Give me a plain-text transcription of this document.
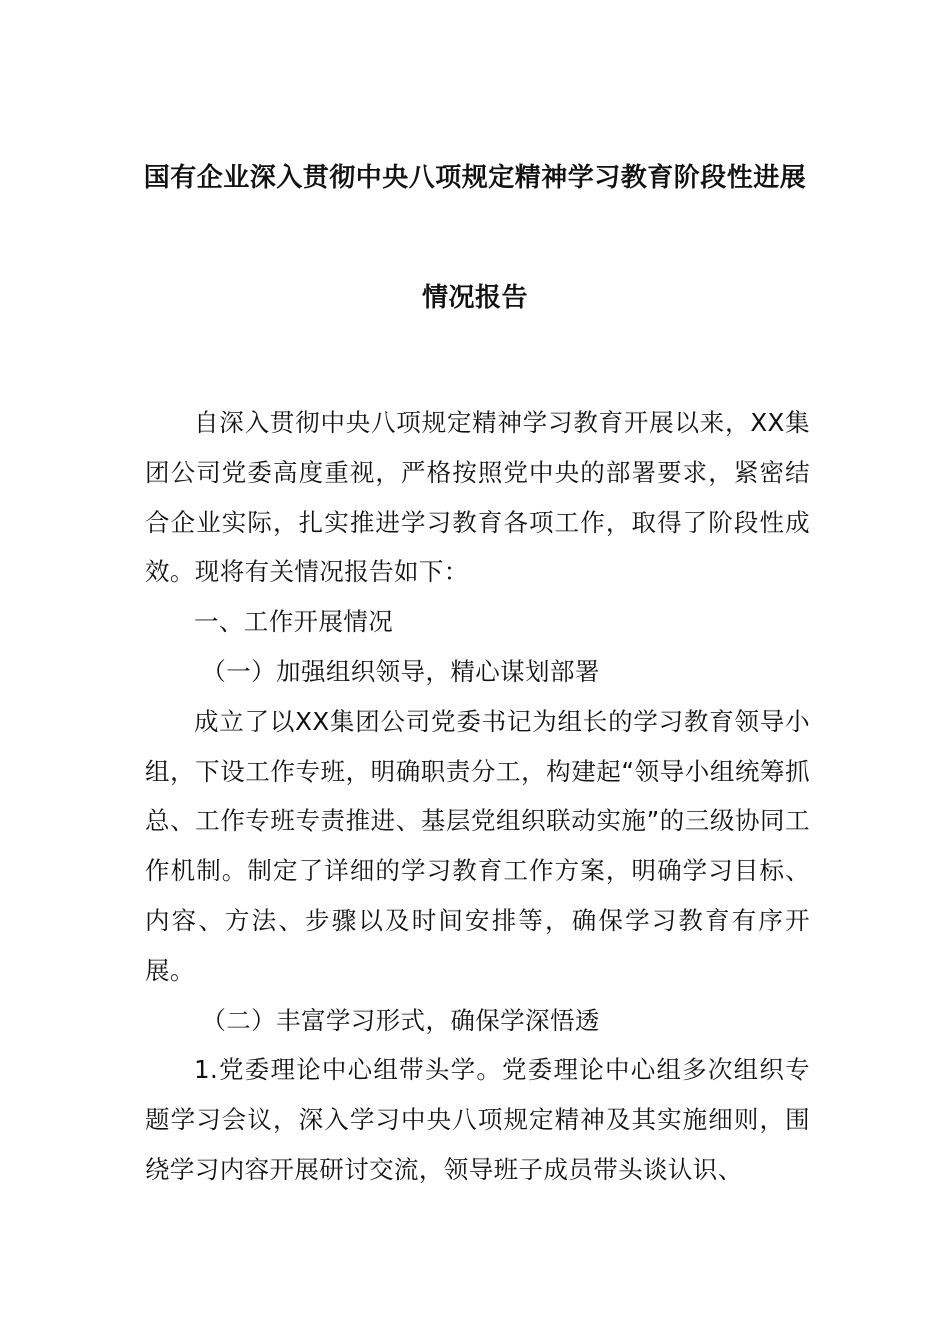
国有企业深入贯彻中央八项规定精神学习教育阶段性进展
情况报告

自深入贯彻中央八项规定精神学习教育开展以来，XX集团公司党委高度重视，严格按照党中央的部署要求，紧密结合企业实际，扎实推进学习教育各项工作，取得了阶段性成效。现将有关情况报告如下：

一、工作开展情况

（一）加强组织领导，精心谋划部署

成立了以XX集团公司党委书记为组长的学习教育领导小组，下设工作专班，明确职责分工，构建起“领导小组统筹抓总、工作专班专责推进、基层党组织联动实施”的三级协同工作机制。制定了详细的学习教育工作方案，明确学习目标、内容、方法、步骤以及时间安排等，确保学习教育有序开展。

（二）丰富学习形式，确保学深悟透

1.党委理论中心组带头学。党委理论中心组多次组织专题学习会议，深入学习中央八项规定精神及其实施细则，围绕学习内容开展研讨交流，领导班子成员带头谈认识、
